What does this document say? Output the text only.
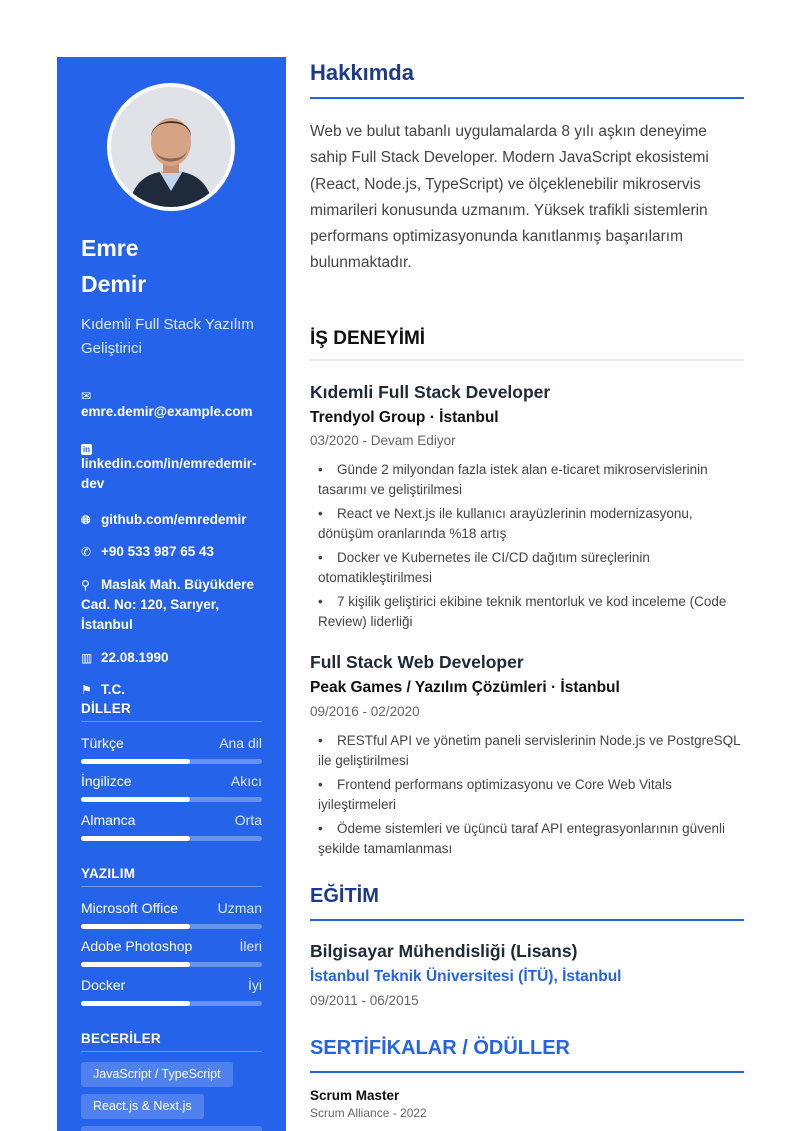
Emre
Demir
Kıdemli Full Stack Yazılım Geliştirici
✉
emre.demir@example.com
in
linkedin.com/in/emredemir-dev
🌐︎ github.com/emredemir
✆ +90 533 987 65 43
⚲ Maslak Mah. Büyükdere Cad. No: 120, Sarıyer, İstanbul
▥ 22.08.1990
⚑ T.C.
DİLLER
Türkçe	Ana dil
İngilizce	Akıcı
Almanca	Orta
YAZILIM
Microsoft Office	Uzman
Adobe Photoshop	İleri
Docker	İyi
BECERİLER
JavaScript / TypeScript
React.js & Next.js
Hakkımda
Web ve bulut tabanlı uygulamalarda 8 yılı aşkın deneyime sahip Full Stack Developer. Modern JavaScript ekosistemi (React, Node.js, TypeScript) ve ölçeklenebilir mikroservis mimarileri konusunda uzmanım. Yüksek trafikli sistemlerin performans optimizasyonunda kanıtlanmış başarılarım bulunmaktadır.
İŞ DENEYİMİ
Kıdemli Full Stack Developer
Trendyol Group · İstanbul
03/2020 - Devam Ediyor
• Günde 2 milyondan fazla istek alan e-ticaret mikroservislerinin tasarımı ve geliştirilmesi
• React ve Next.js ile kullanıcı arayüzlerinin modernizasyonu, dönüşüm oranlarında %18 artış
• Docker ve Kubernetes ile CI/CD dağıtım süreçlerinin otomatikleştirilmesi
• 7 kişilik geliştirici ekibine teknik mentorluk ve kod inceleme (Code Review) liderliği
Full Stack Web Developer
Peak Games / Yazılım Çözümleri · İstanbul
09/2016 - 02/2020
• RESTful API ve yönetim paneli servislerinin Node.js ve PostgreSQL ile geliştirilmesi
• Frontend performans optimizasyonu ve Core Web Vitals iyileştirmeleri
• Ödeme sistemleri ve üçüncü taraf API entegrasyonlarının güvenli şekilde tamamlanması
EĞİTİM
Bilgisayar Mühendisliği (Lisans)
İstanbul Teknik Üniversitesi (İTÜ), İstanbul
09/2011 - 06/2015
SERTİFİKALAR / ÖDÜLLER
Scrum Master
Scrum Alliance - 2022
